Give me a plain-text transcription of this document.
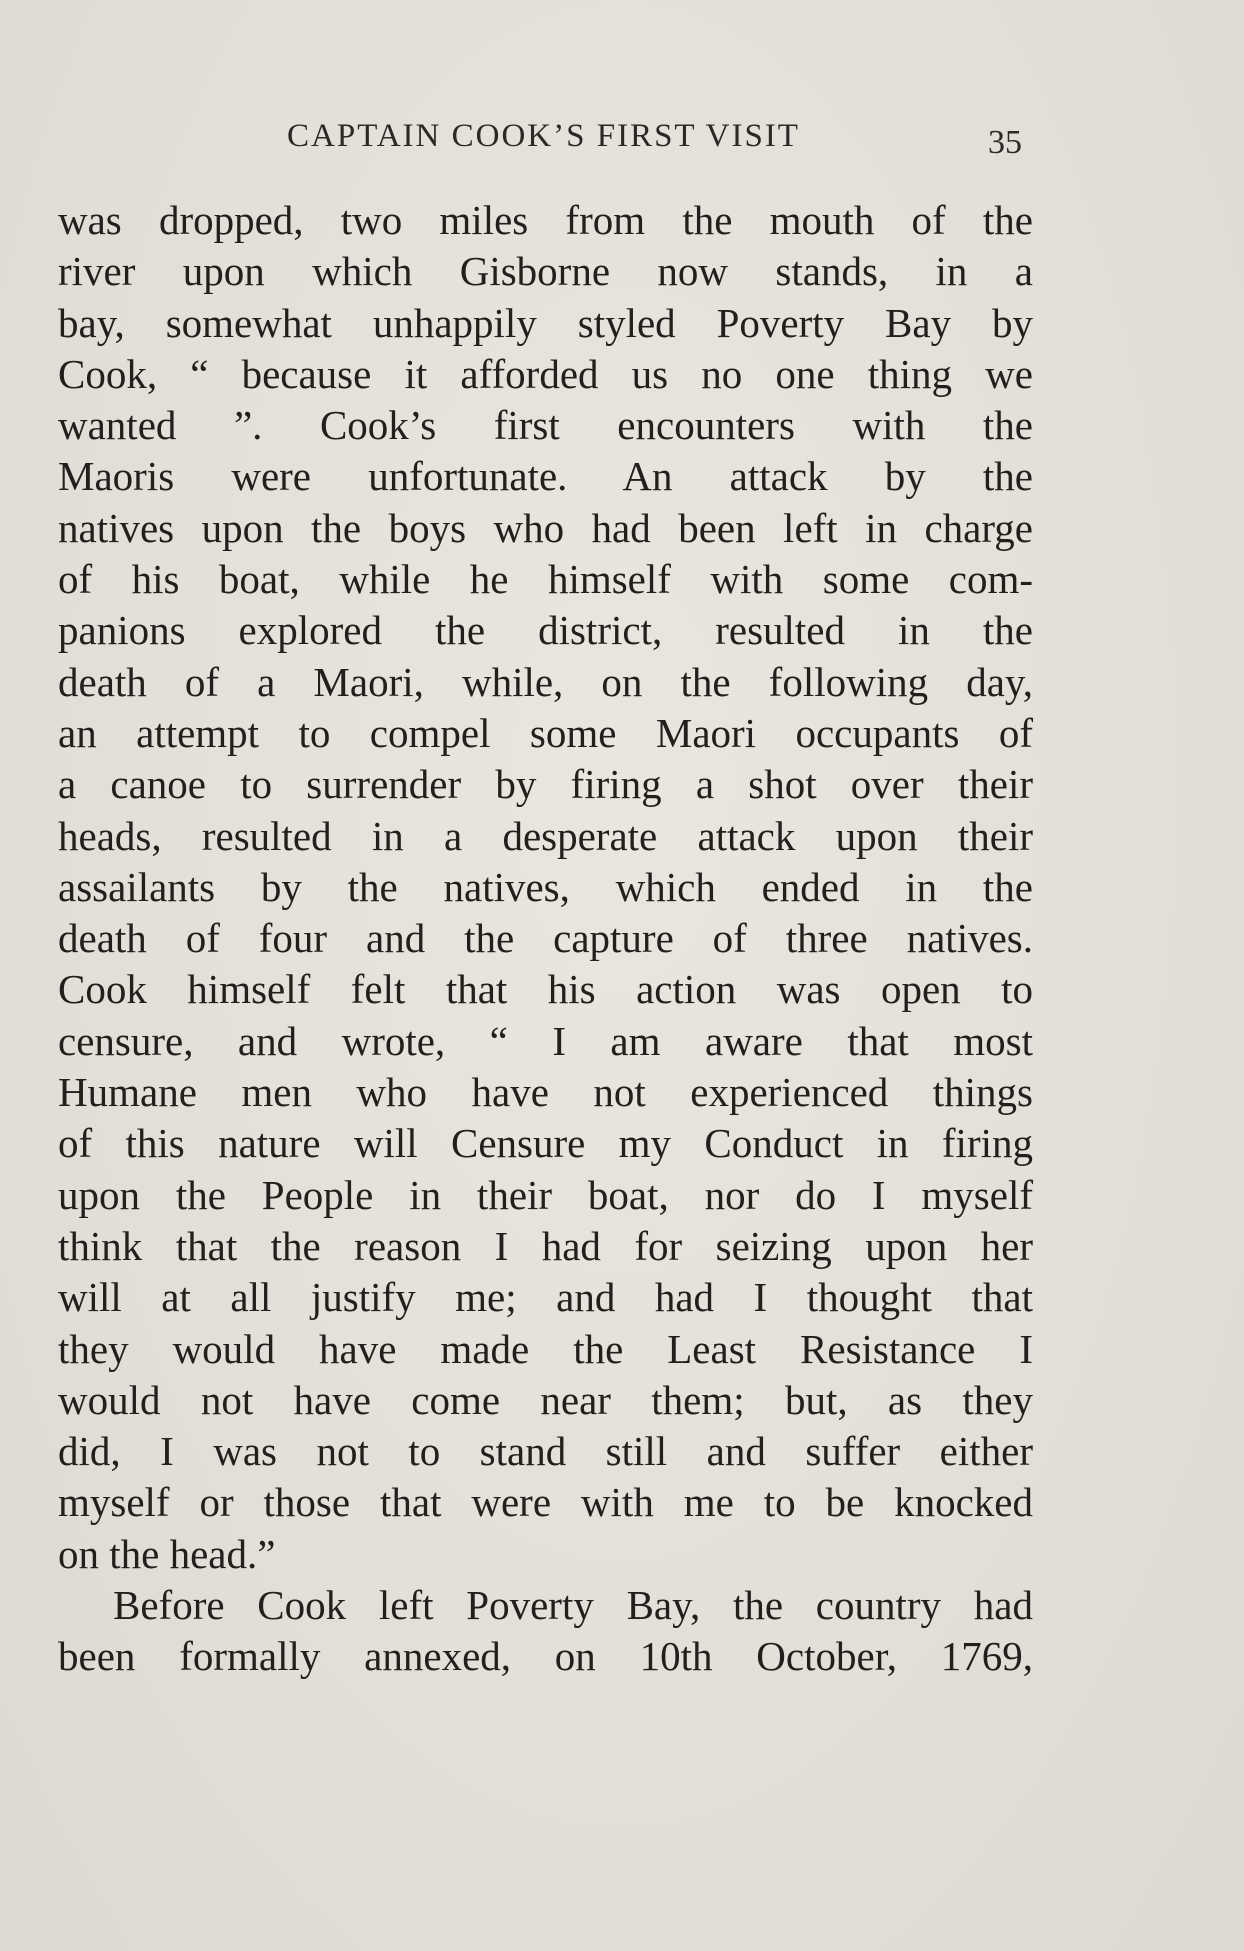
CAPTAIN COOK’S FIRST VISIT	35
was dropped, two miles from the mouth of the
river upon which Gisborne now stands, in a
bay, somewhat unhappily styled Poverty Bay by
Cook, “ because it afforded us no one thing we
wanted ”. Cook’s first encounters with the
Maoris were unfortunate. An attack by the
natives upon the boys who had been left in charge
of his boat, while he himself with some com-
panions explored the district, resulted in the
death of a Maori, while, on the following day,
an attempt to compel some Maori occupants of
a canoe to surrender by firing a shot over their
heads, resulted in a desperate attack upon their
assailants by the natives, which ended in the
death of four and the capture of three natives.
Cook himself felt that his action was open to
censure, and wrote, “ I am aware that most
Humane men who have not experienced things
of this nature will Censure my Conduct in firing
upon the People in their boat, nor do I myself
think that the reason I had for seizing upon her
will at all justify me; and had I thought that
they would have made the Least Resistance I
would not have come near them; but, as they
did, I was not to stand still and suffer either
myself or those that were with me to be knocked
on the head.”
Before Cook left Poverty Bay, the country had
been formally annexed, on 10th October, 1769,
